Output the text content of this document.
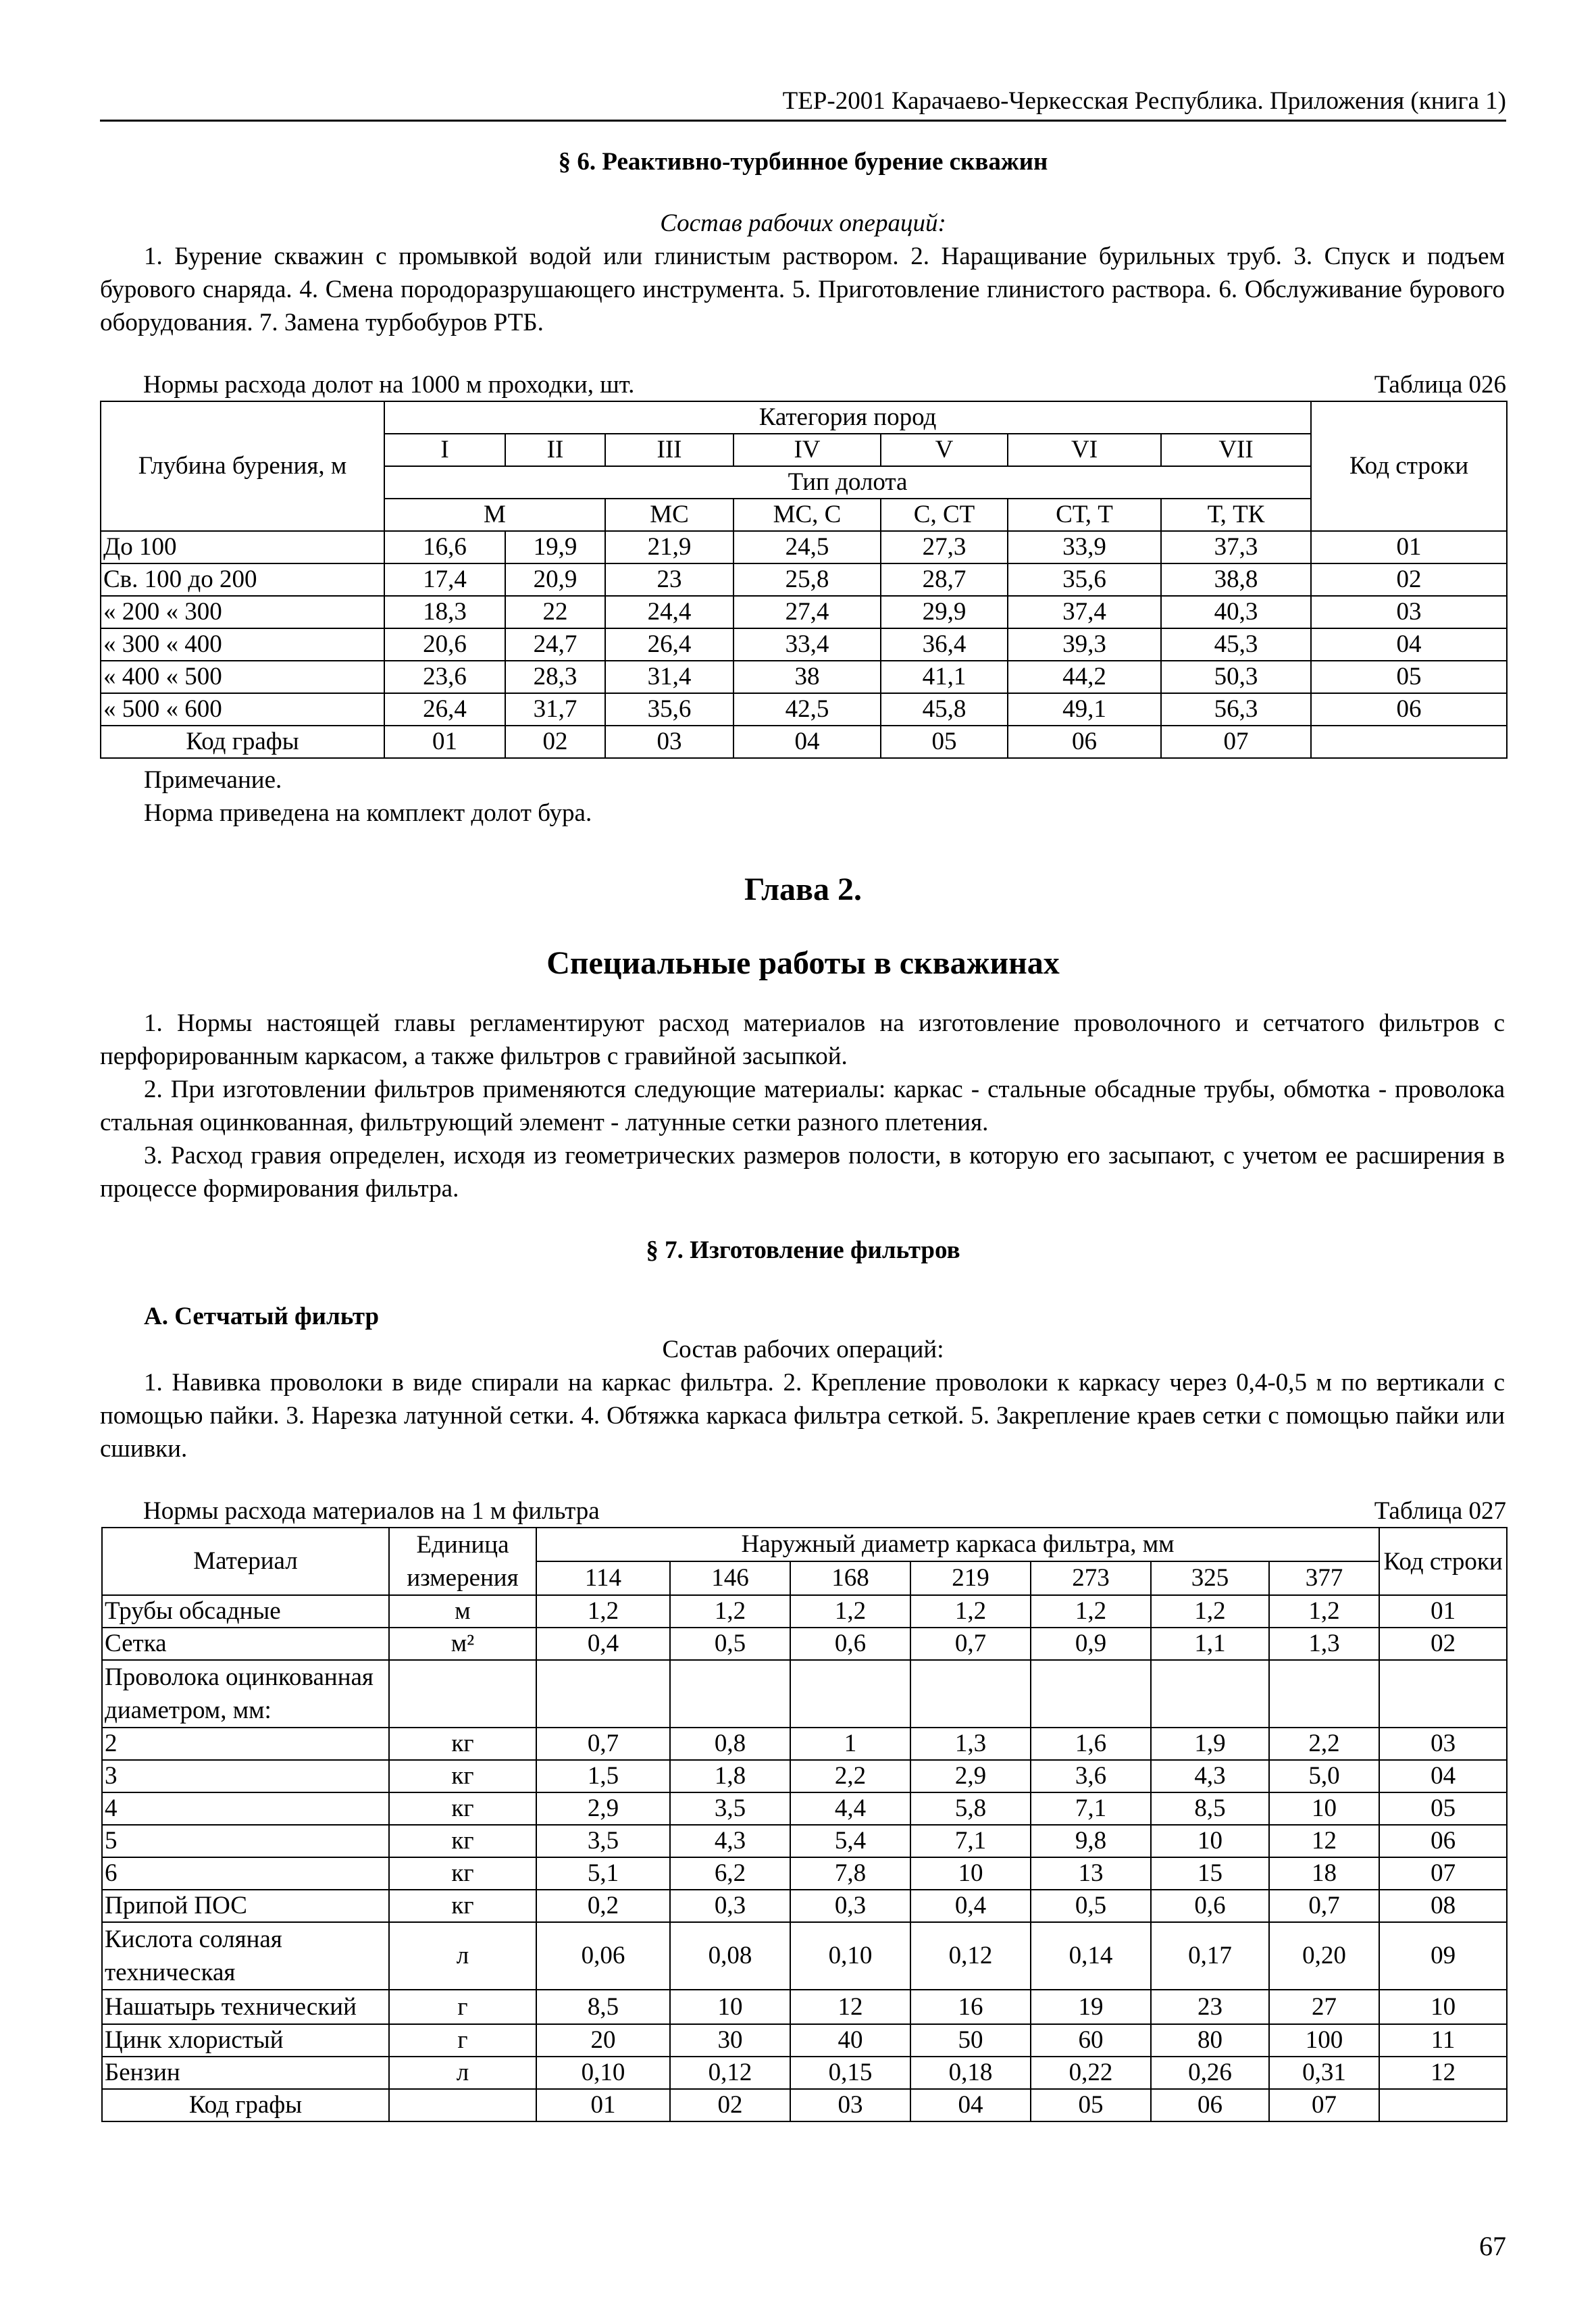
ТЕР-2001 Карачаево-Черкесская Республика. Приложения (книга 1)
§ 6. Реактивно-турбинное бурение скважин
Состав рабочих операций:

1. Бурение скважин с промывкой водой или глинистым раствором. 2. Наращивание бурильных труб. 3. Спуск и подъем бурового снаряда. 4. Смена породоразрушающего инструмента. 5. Приготовление глинистого раствора. 6. Обслуживание бурового оборудования. 7. Замена турбобуров РТБ.

Нормы расхода долот на 1000 м проходки, шт.	Таблица 026
Глубина бурения, м	Категория пород							Код строки
	I	II	III	IV	V	VI	VII	
	Тип долота							
	М		МС	МС, С	С, СТ	СТ, Т	Т, ТК	
До 100	16,6	19,9	21,9	24,5	27,3	33,9	37,3	01
Св. 100 до 200	17,4	20,9	23	25,8	28,7	35,6	38,8	02
« 200 « 300	18,3	22	24,4	27,4	29,9	37,4	40,3	03
« 300 « 400	20,6	24,7	26,4	33,4	36,4	39,3	45,3	04
« 400 « 500	23,6	28,3	31,4	38	41,1	44,2	50,3	05
« 500 « 600	26,4	31,7	35,6	42,5	45,8	49,1	56,3	06
Код графы	01	02	03	04	05	06	07	
Примечание.
Норма приведена на комплект долот бура.
Глава 2.
Специальные работы в скважинах

1. Нормы настоящей главы регламентируют расход материалов на изготовление проволочного и сетчатого фильтров с перфорированным каркасом, а также фильтров с гравийной засыпкой.

2. При изготовлении фильтров применяются следующие материалы: каркас - стальные обсадные трубы, обмотка - проволока стальная оцинкованная, фильтрующий элемент - латунные сетки разного плетения.

3. Расход гравия определен, исходя из геометрических размеров полости, в которую его засыпают, с учетом ее расширения в процессе формирования фильтра.

§ 7. Изготовление фильтров
А. Сетчатый фильтр
Состав рабочих операций:

1. Навивка проволоки в виде спирали на каркас фильтра. 2. Крепление проволоки к каркасу через 0,4-0,5 м по вертикали с помощью пайки. 3. Нарезка латунной сетки. 4. Обтяжка каркаса фильтра сеткой. 5. Закрепление краев сетки с помощью пайки или сшивки.

Нормы расхода материалов на 1 м фильтра	Таблица 027
Материал	Единица измерения	Наружный диаметр каркаса фильтра, мм							Код строки
		114	146	168	219	273	325	377	
Трубы обсадные	м	1,2	1,2	1,2	1,2	1,2	1,2	1,2	01
Сетка	м²	0,4	0,5	0,6	0,7	0,9	1,1	1,3	02
Проволока оцинкованная диаметром, мм:									
2	кг	0,7	0,8	1	1,3	1,6	1,9	2,2	03
3	кг	1,5	1,8	2,2	2,9	3,6	4,3	5,0	04
4	кг	2,9	3,5	4,4	5,8	7,1	8,5	10	05
5	кг	3,5	4,3	5,4	7,1	9,8	10	12	06
6	кг	5,1	6,2	7,8	10	13	15	18	07
Припой ПОС	кг	0,2	0,3	0,3	0,4	0,5	0,6	0,7	08
Кислота соляная техническая	л	0,06	0,08	0,10	0,12	0,14	0,17	0,20	09
Нашатырь технический	г	8,5	10	12	16	19	23	27	10
Цинк хлористый	г	20	30	40	50	60	80	100	11
Бензин	л	0,10	0,12	0,15	0,18	0,22	0,26	0,31	12
Код графы		01	02	03	04	05	06	07	
67
